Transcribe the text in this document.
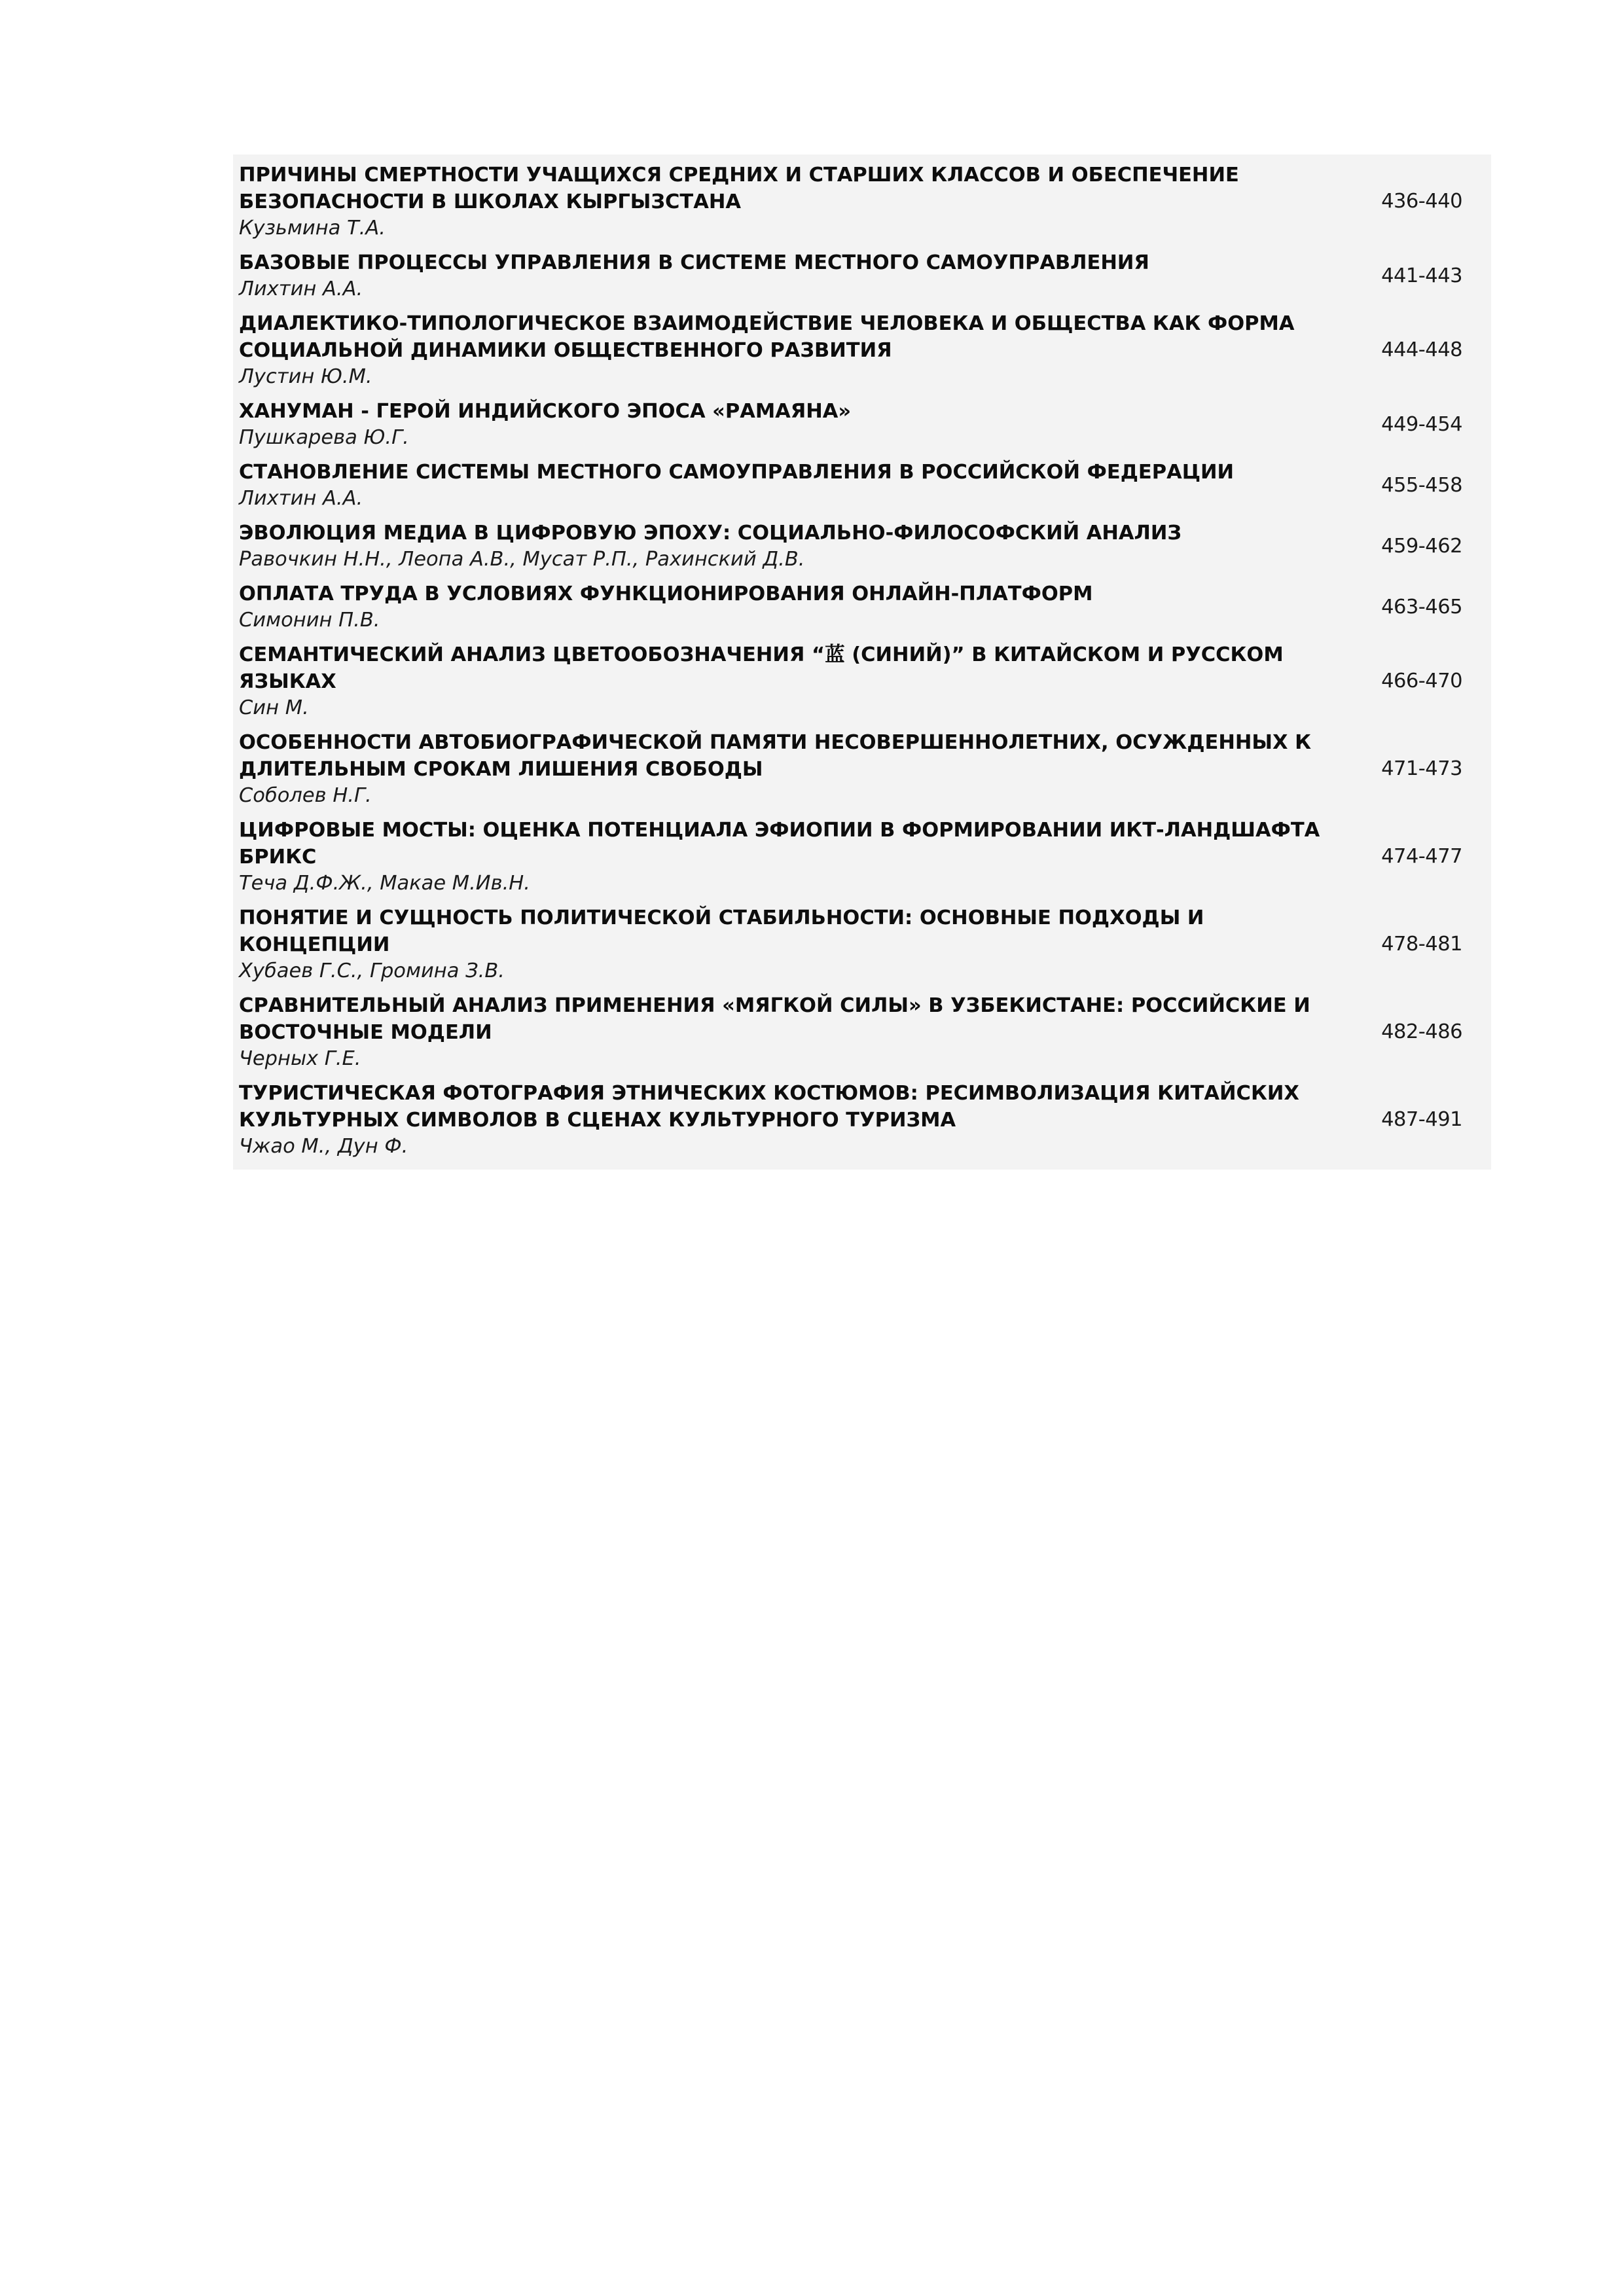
ПРИЧИНЫ СМЕРТНОСТИ УЧАЩИХСЯ СРЕДНИХ И СТАРШИХ КЛАССОВ И ОБЕСПЕЧЕНИЕ
БЕЗОПАСНОСТИ В ШКОЛАХ КЫРГЫЗСТАНА
Кузьмина Т.А.
436-440
БАЗОВЫЕ ПРОЦЕССЫ УПРАВЛЕНИЯ В СИСТЕМЕ МЕСТНОГО САМОУПРАВЛЕНИЯ
Лихтин А.А.
441-443
ДИАЛЕКТИКО-ТИПОЛОГИЧЕСКОЕ ВЗАИМОДЕЙСТВИЕ ЧЕЛОВЕКА И ОБЩЕСТВА КАК ФОРМА
СОЦИАЛЬНОЙ ДИНАМИКИ ОБЩЕСТВЕННОГО РАЗВИТИЯ
Лустин Ю.М.
444-448
ХАНУМАН - ГЕРОЙ ИНДИЙСКОГО ЭПОСА «РАМАЯНА»
Пушкарева Ю.Г.
449-454
СТАНОВЛЕНИЕ СИСТЕМЫ МЕСТНОГО САМОУПРАВЛЕНИЯ В РОССИЙСКОЙ ФЕДЕРАЦИИ
Лихтин А.А.
455-458
ЭВОЛЮЦИЯ МЕДИА В ЦИФРОВУЮ ЭПОХУ: СОЦИАЛЬНО-ФИЛОСОФСКИЙ АНАЛИЗ
Равочкин Н.Н., Леопа А.В., Мусат Р.П., Рахинский Д.В.
459-462
ОПЛАТА ТРУДА В УСЛОВИЯХ ФУНКЦИОНИРОВАНИЯ ОНЛАЙН-ПЛАТФОРМ
Симонин П.В.
463-465
СЕМАНТИЧЕСКИЙ АНАЛИЗ ЦВЕТООБОЗНАЧЕНИЯ “蓝 (СИНИЙ)” В КИТАЙСКОМ И РУССКОМ
ЯЗЫКАХ
Син М.
466-470
ОСОБЕННОСТИ АВТОБИОГРАФИЧЕСКОЙ ПАМЯТИ НЕСОВЕРШЕННОЛЕТНИХ, ОСУЖДЕННЫХ К
ДЛИТЕЛЬНЫМ СРОКАМ ЛИШЕНИЯ СВОБОДЫ
Соболев Н.Г.
471-473
ЦИФРОВЫЕ МОСТЫ: ОЦЕНКА ПОТЕНЦИАЛА ЭФИОПИИ В ФОРМИРОВАНИИ ИКТ-ЛАНДШАФТА
БРИКС
Теча Д.Ф.Ж., Макае М.Ив.Н.
474-477
ПОНЯТИЕ И СУЩНОСТЬ ПОЛИТИЧЕСКОЙ СТАБИЛЬНОСТИ: ОСНОВНЫЕ ПОДХОДЫ И КОНЦЕПЦИИ
Хубаев Г.С., Громина З.В.
478-481
СРАВНИТЕЛЬНЫЙ АНАЛИЗ ПРИМЕНЕНИЯ «МЯГКОЙ СИЛЫ» В УЗБЕКИСТАНЕ: РОССИЙСКИЕ И
ВОСТОЧНЫЕ МОДЕЛИ
Черных Г.Е.
482-486
ТУРИСТИЧЕСКАЯ ФОТОГРАФИЯ ЭТНИЧЕСКИХ КОСТЮМОВ: РЕСИМВОЛИЗАЦИЯ КИТАЙСКИХ
КУЛЬТУРНЫХ СИМВОЛОВ В СЦЕНАХ КУЛЬТУРНОГО ТУРИЗМА
Чжао М., Дун Ф.
487-491
